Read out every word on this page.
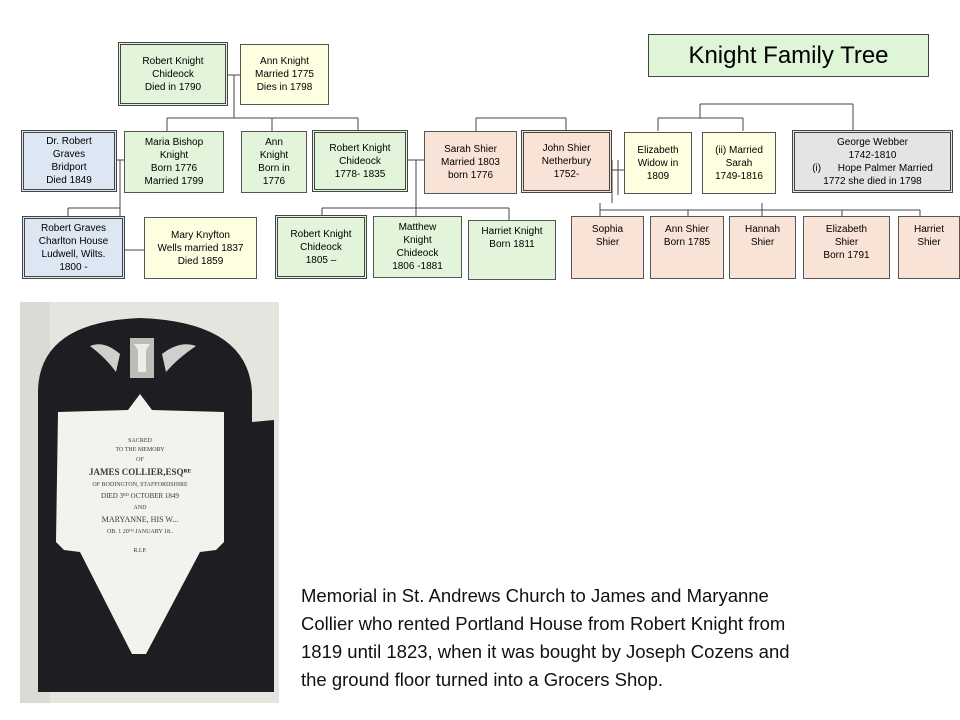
Knight Family Tree
Robert Knight
Chideock
Died in 1790
Ann Knight
Married 1775
Dies in 1798
Dr. Robert
Graves
Bridport
Died 1849
Maria Bishop
Knight
Born 1776
Married 1799
Ann
Knight
Born in
1776
Robert Knight
Chideock
1778- 1835
Sarah Shier
Married 1803
born 1776
John Shier
Netherbury
1752-
Elizabeth
Widow in
1809
(ii) Married
Sarah
1749-1816
George Webber
1742-1810
(i)      Hope Palmer Married
1772 she died in 1798
Robert Graves
Charlton House
Ludwell, Wilts.
1800 -
Mary Knyfton
Wells married 1837
Died 1859
Robert Knight
Chideock
1805 –
Matthew
Knight
Chideock
1806 -1881
Harriet Knight
Born 1811
Sophia
Shier
Ann Shier
Born 1785
Hannah
Shier
Elizabeth
Shier
Born 1791
Harriet
Shier
SACRED
TO THE MEMORY
OF
JAMES COLLIER,ESQᴿᴱ
OF BODINGTON, STAFFORDSHIRE
DIED 3ᴿᴰ OCTOBER 1849
AND
MARYANNE, HIS W...
OB. 1 20ᵀᴴ JANUARY 18..
R.I.P.
Memorial in St. Andrews Church to James and Maryanne
Collier who rented Portland House from Robert Knight from
1819 until 1823, when it was bought by Joseph Cozens and
the ground floor turned into a Grocers Shop.
